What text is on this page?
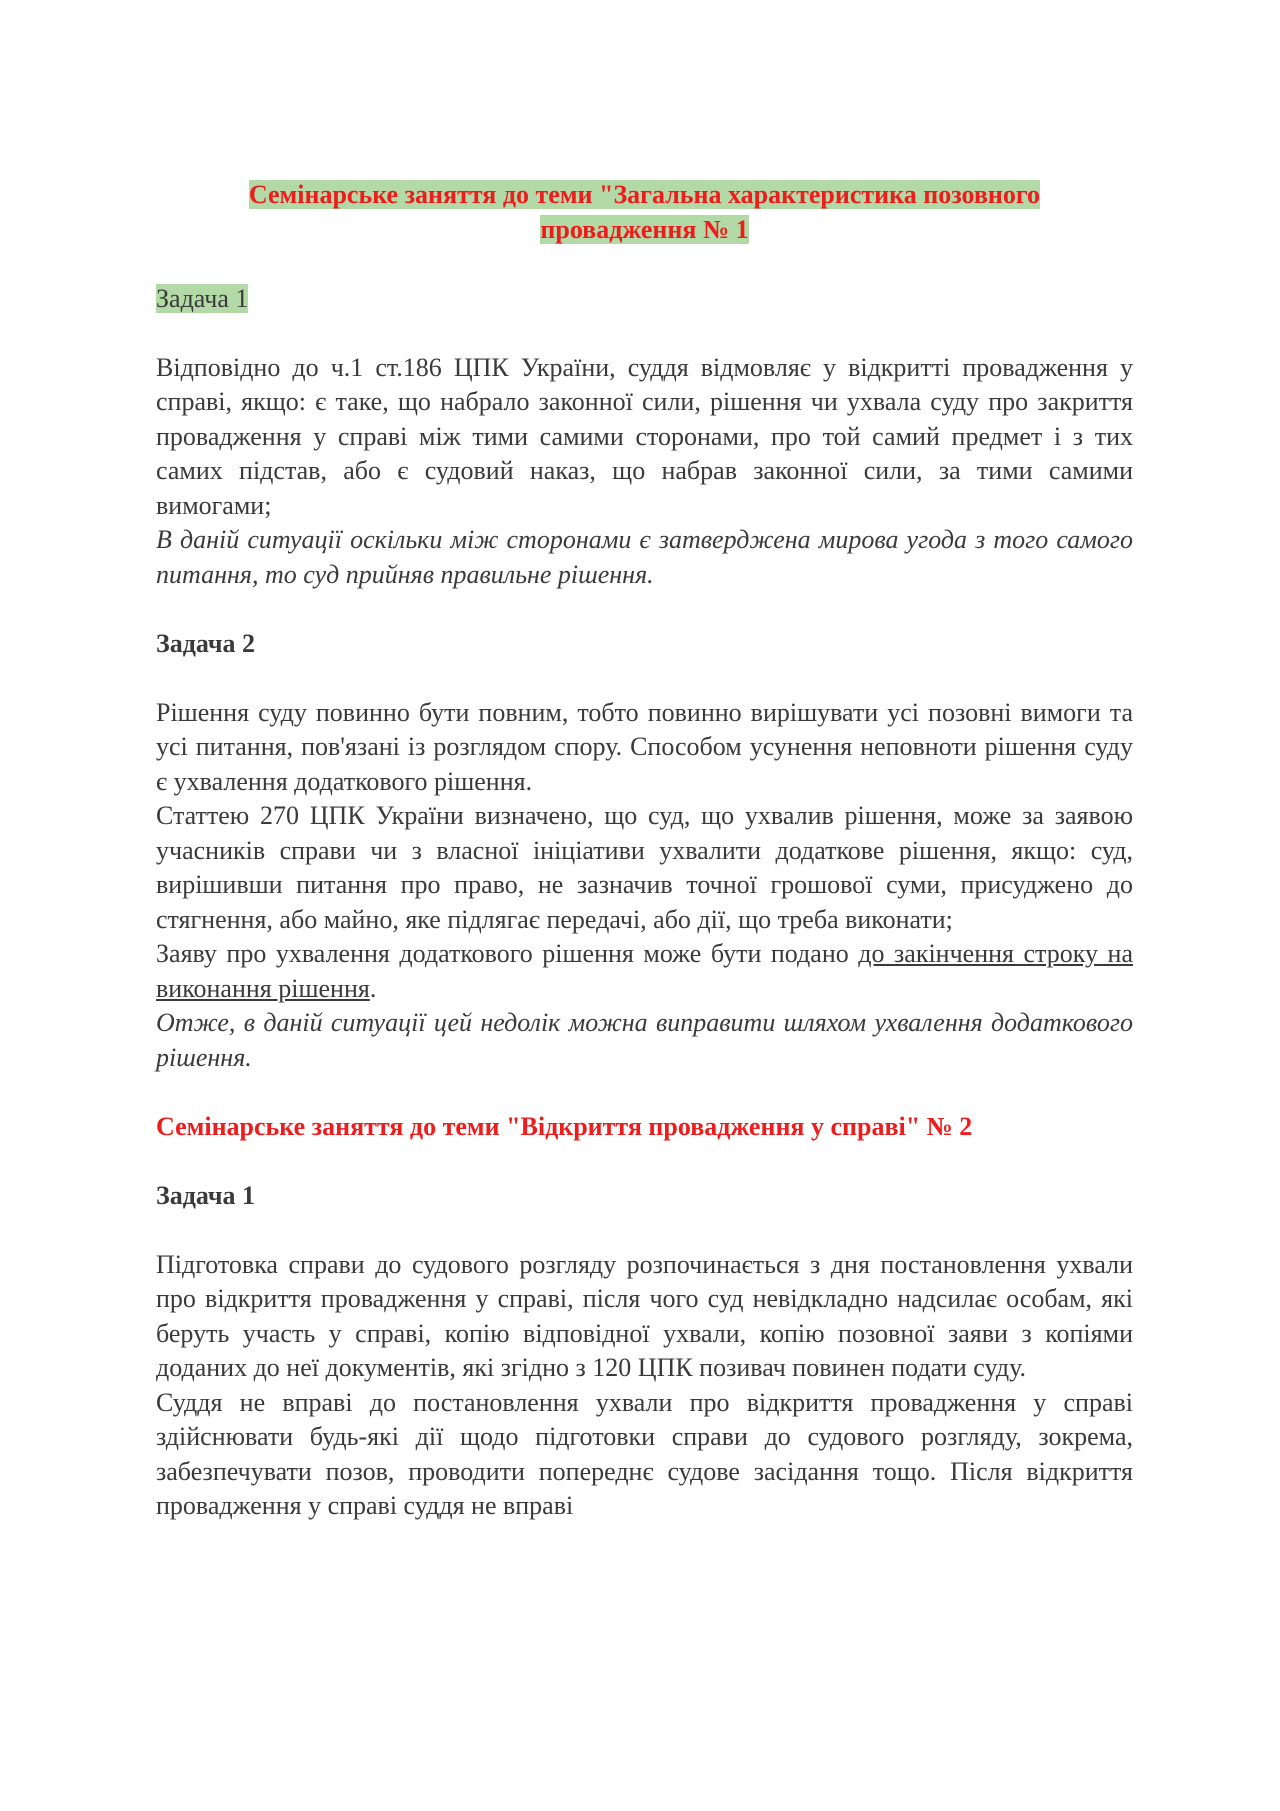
Семінарське заняття до теми "Загальна характеристика позовного
провадження № 1

Задача 1

Відповідно до ч.1 ст.186 ЦПК України, суддя відмовляє у відкритті провадження у справі, якщо: є таке, що набрало законної сили, рішення чи ухвала суду про закриття провадження у справі між тими самими сторонами, про той самий предмет і з тих самих підстав, або є судовий наказ, що набрав законної сили, за тими самими вимогами;

В даній ситуації оскільки між сторонами є затверджена мирова угода з того самого питання, то суд прийняв правильне рішення.

Задача 2

Рішення суду повинно бути повним, тобто повинно вирішувати усі позовні вимоги та усі питання, пов'язані із розглядом спору. Способом усунення неповноти рішення суду є ухвалення додаткового рішення.

Статтею 270 ЦПК України визначено, що суд, що ухвалив рішення, може за заявою учасників справи чи з власної ініціативи ухвалити додаткове рішення, якщо: суд, вирішивши питання про право, не зазначив точної грошової суми, присуджено до стягнення, або майно, яке підлягає передачі, або дії, що треба виконати;

Заяву про ухвалення додаткового рішення може бути подано до закінчення строку на виконання рішення.

Отже, в даній ситуації цей недолік можна виправити шляхом ухвалення додаткового рішення.

Семінарське заняття до теми "Відкриття провадження у справі" № 2

Задача 1

Підготовка справи до судового розгляду розпочинається з дня постановлення ухвали про відкриття провадження у справі, після чого суд невідкладно надсилає особам, які беруть участь у справі, копію відповідної ухвали, копію позовної заяви з копіями доданих до неї документів, які згідно з 120 ЦПК позивач повинен подати суду.

Суддя не вправі до постановлення ухвали про відкриття провадження у справі здійснювати будь-які дії щодо підготовки справи до судового розгляду, зокрема, забезпечувати позов, проводити попереднє судове засідання тощо. Після відкриття провадження у справі суддя не вправі
